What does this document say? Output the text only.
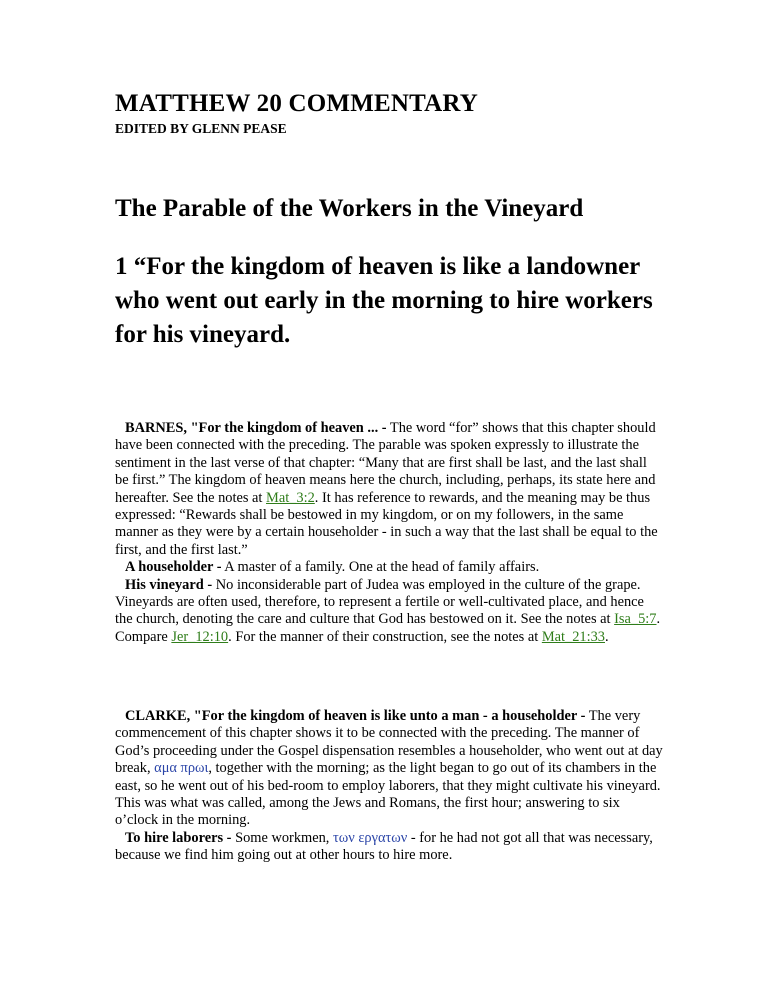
MATTHEW 20 COMMENTARY
EDITED BY GLENN PEASE
The Parable of the Workers in the Vineyard
1 “For the kingdom of heaven is like a landowner who went out early in the morning to hire workers for his vineyard.

BARNES, "For the kingdom of heaven ... - The word “for” shows that this chapter should have been connected with the preceding. The parable was spoken expressly to illustrate the sentiment in the last verse of that chapter: “Many that are first shall be last, and the last shall be first.” The kingdom of heaven means here the church, including, perhaps, its state here and hereafter. See the notes at Mat_3:2. It has reference to rewards, and the meaning may be thus expressed: “Rewards shall be bestowed in my kingdom, or on my followers, in the same manner as they were by a certain householder - in such a way that the last shall be equal to the first, and the first last.”

A householder - A master of a family. One at the head of family affairs.

His vineyard - No inconsiderable part of Judea was employed in the culture of the grape. Vineyards are often used, therefore, to represent a fertile or well-cultivated place, and hence the church, denoting the care and culture that God has bestowed on it. See the notes at Isa_5:7. Compare Jer_12:10. For the manner of their construction, see the notes at Mat_21:33.

CLARKE, "For the kingdom of heaven is like unto a man - a householder - The very commencement of this chapter shows it to be connected with the preceding. The manner of God’s proceeding under the Gospel dispensation resembles a householder, who went out at day break, αμα πρωι, together with the morning; as the light began to go out of its chambers in the east, so he went out of his bed-room to employ laborers, that they might cultivate his vineyard. This was what was called, among the Jews and Romans, the first hour; answering to six o’clock in the morning.

To hire laborers - Some workmen, των εργατων - for he had not got all that was necessary, because we find him going out at other hours to hire more.
